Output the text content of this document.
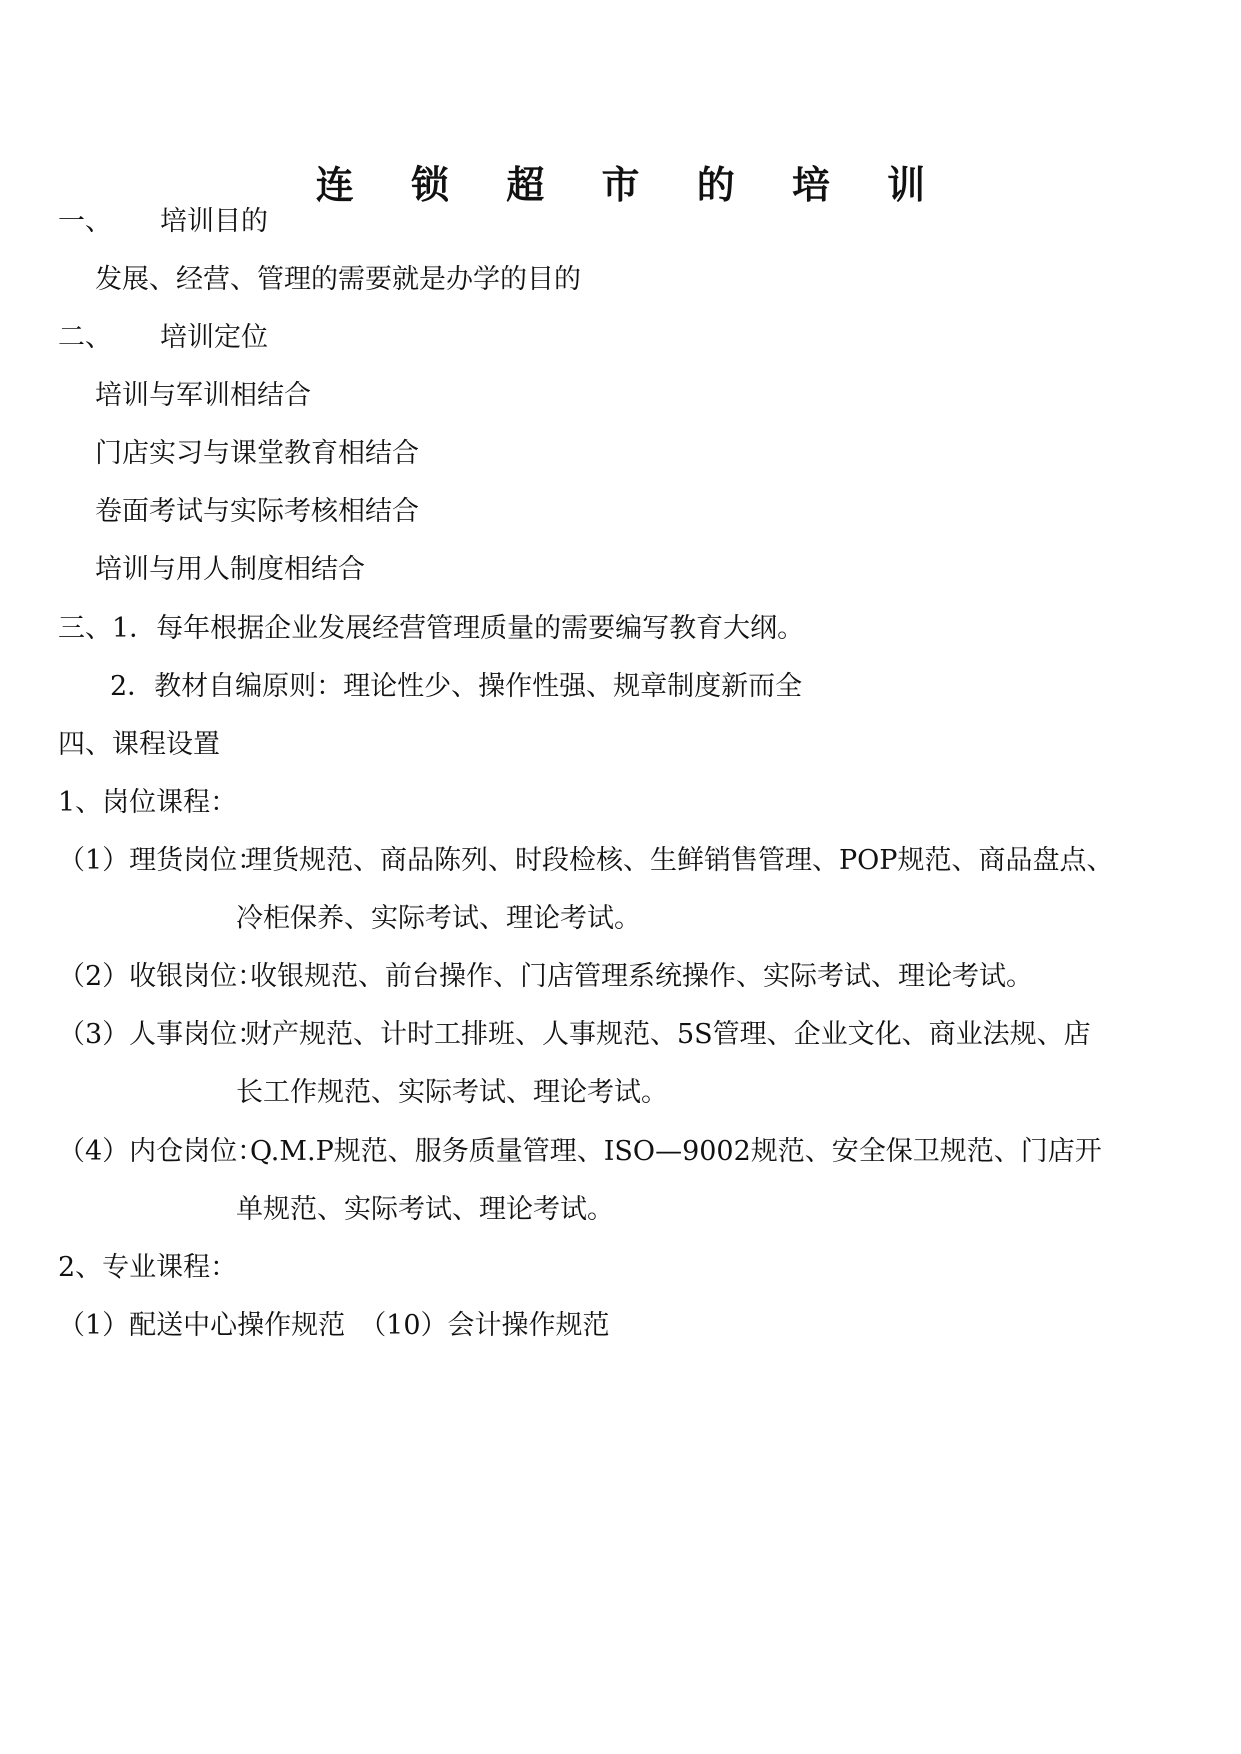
连 锁 超 市 的 培 训
一、 培训目的
发展、经营、管理的需要就是办学的目的
二、 培训定位
培训与军训相结合
门店实习与课堂教育相结合
卷面考试与实际考核相结合
培训与用人制度相结合
三、1．每年根据企业发展经营管理质量的需要编写教育大纲。
2．教材自编原则：理论性少、操作性强、规章制度新而全
四、课程设置
1、岗位课程：
（1）理货岗位：
理货规范、商品陈列、时段检核、生鲜销售管理、POP规范、商品盘点、
冷柜保养、实际考试、理论考试。
（2）收银岗位：
收银规范、前台操作、门店管理系统操作、实际考试、理论考试。
（3）人事岗位：
财产规范、计时工排班、人事规范、5S管理、企业文化、商业法规、店
长工作规范、实际考试、理论考试。
（4）内仓岗位：
Q.M.P规范、服务质量管理、ISO—9002规范、安全保卫规范、门店开
单规范、实际考试、理论考试。
2、专业课程：
（1）配送中心操作规范 （10）会计操作规范
